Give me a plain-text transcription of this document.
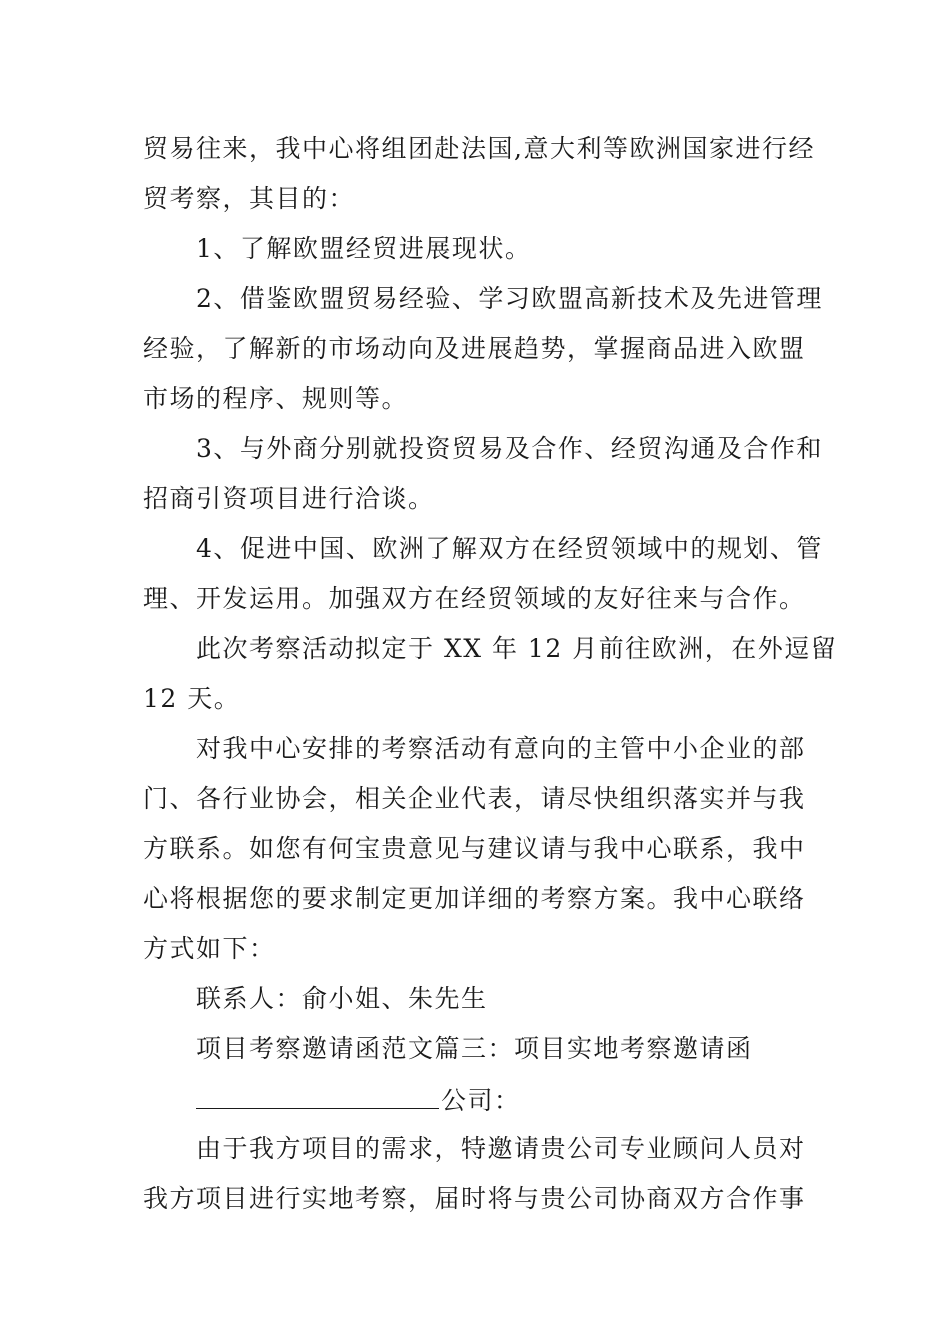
贸易往来，我中心将组团赴法国,意大利等欧洲国家进行经
贸考察，其目的：
1、了解欧盟经贸进展现状。
2、借鉴欧盟贸易经验、学习欧盟高新技术及先进管理
经验，了解新的市场动向及进展趋势，掌握商品进入欧盟
市场的程序、规则等。
3、与外商分别就投资贸易及合作、经贸沟通及合作和
招商引资项目进行洽谈。
4、促进中国、欧洲了解双方在经贸领域中的规划、管
理、开发运用。加强双方在经贸领域的友好往来与合作。
此次考察活动拟定于 XX 年 12 月前往欧洲，在外逗留
12 天。
对我中心安排的考察活动有意向的主管中小企业的部
门、各行业协会，相关企业代表，请尽快组织落实并与我
方联系。如您有何宝贵意见与建议请与我中心联系，我中
心将根据您的要求制定更加详细的考察方案。我中心联络
方式如下：
联系人：俞小姐、朱先生
项目考察邀请函范文篇三：项目实地考察邀请函
公司：
由于我方项目的需求，特邀请贵公司专业顾问人员对
我方项目进行实地考察，届时将与贵公司协商双方合作事
